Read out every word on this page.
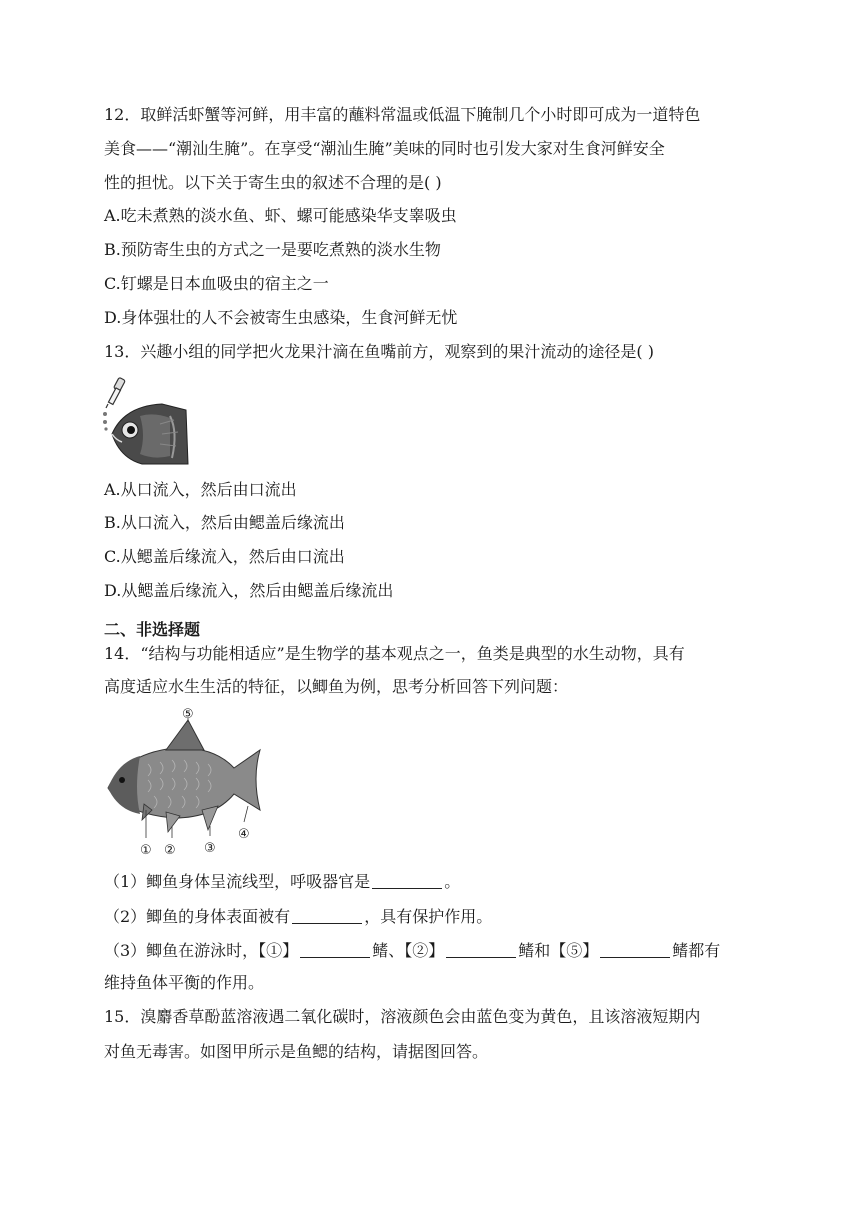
12．取鲜活虾蟹等河鲜，用丰富的蘸料常温或低温下腌制几个小时即可成为一道特色
美食——“潮汕生腌”。在享受“潮汕生腌”美味的同时也引发大家对生食河鲜安全
性的担忧。以下关于寄生虫的叙述不合理的是( )
A.吃未煮熟的淡水鱼、虾、螺可能感染华支睾吸虫
B.预防寄生虫的方式之一是要吃煮熟的淡水生物
C.钉螺是日本血吸虫的宿主之一
D.身体强壮的人不会被寄生虫感染，生食河鲜无忧
13．兴趣小组的同学把火龙果汁滴在鱼嘴前方，观察到的果汁流动的途径是( )
A.从口流入，然后由口流出
B.从口流入，然后由鳃盖后缘流出
C.从鳃盖后缘流入，然后由口流出
D.从鳃盖后缘流入，然后由鳃盖后缘流出
二、非选择题
14．“结构与功能相适应”是生物学的基本观点之一，鱼类是典型的水生动物，具有
高度适应水生生活的特征，以鲫鱼为例，思考分析回答下列问题：
⑤
① ② ③
④
（1）鲫鱼身体呈流线型，呼吸器官是	。
（2）鲫鱼的身体表面被有	，具有保护作用。
（3）鲫鱼在游泳时，【①】	鳍、【②】	鳍和【⑤】	鳍都有
维持鱼体平衡的作用。
15．溴麝香草酚蓝溶液遇二氧化碳时，溶液颜色会由蓝色变为黄色，且该溶液短期内
对鱼无毒害。如图甲所示是鱼鳃的结构，请据图回答。
